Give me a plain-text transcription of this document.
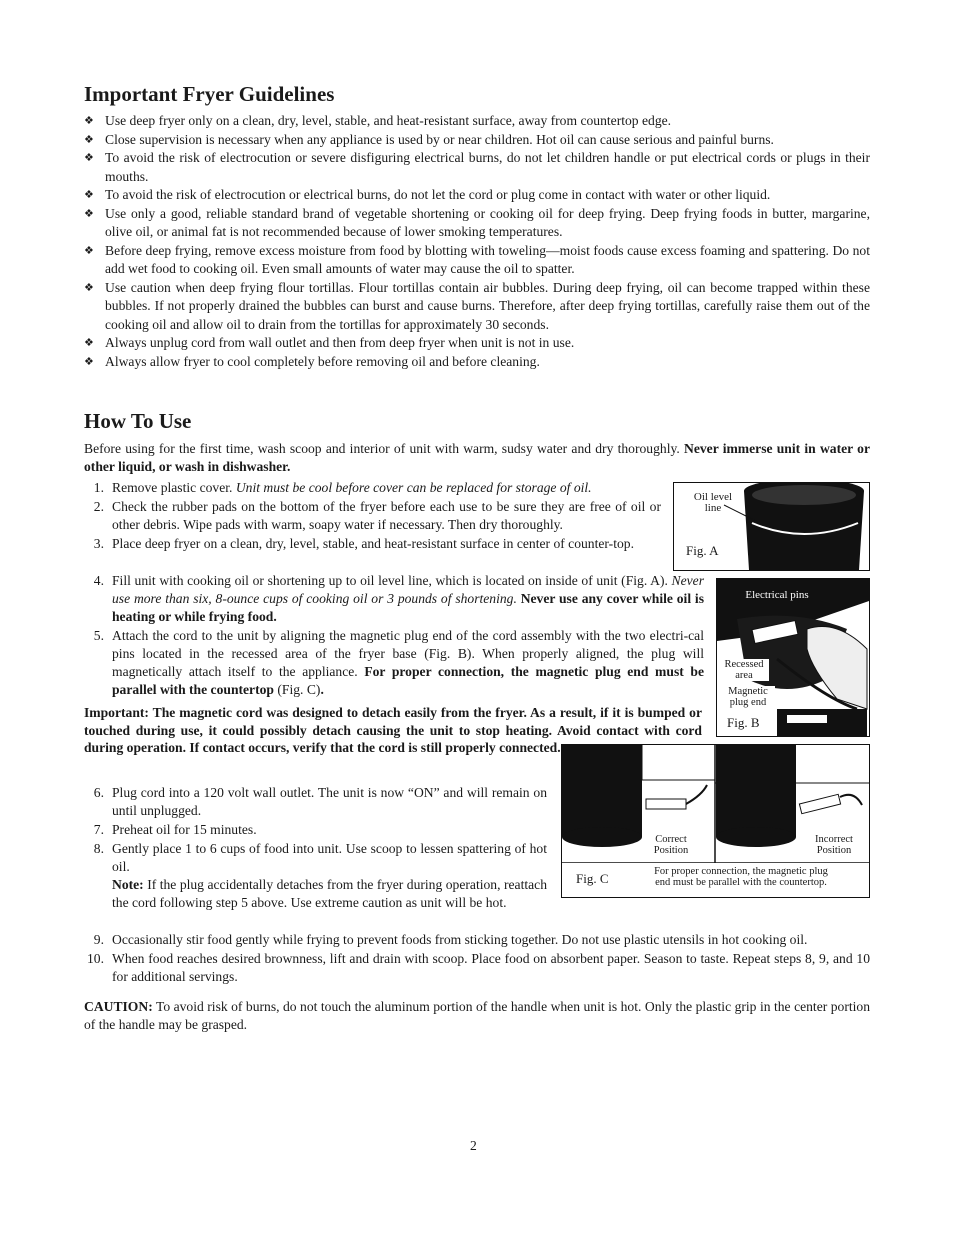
Important Fryer Guidelines
❖ Use deep fryer only on a clean, dry, level, stable, and heat-resistant surface, away from countertop edge.
❖ Close supervision is necessary when any appliance is used by or near children. Hot oil can cause serious and painful burns.
❖ To avoid the risk of electrocution or severe disfiguring electrical burns, do not let children handle or put electrical cords or plugs in their mouths.
❖ To avoid the risk of electrocution or electrical burns, do not let the cord or plug come in contact with water or other liquid.
❖ Use only a good, reliable standard brand of vegetable shortening or cooking oil for deep frying. Deep frying foods in butter, margarine, olive oil, or animal fat is not recommended because of lower smoking temperatures.
❖ Before deep frying, remove excess moisture from food by blotting with toweling—moist foods cause excess foaming and spattering. Do not add wet food to cooking oil. Even small amounts of water may cause the oil to spatter.
❖ Use caution when deep frying flour tortillas. Flour tortillas contain air bubbles. During deep frying, oil can become trapped within these bubbles. If not properly drained the bubbles can burst and cause burns. Therefore, after deep frying tortillas, carefully raise them out of the cooking oil and allow oil to drain from the tortillas for approximately 30 seconds.
❖ Always unplug cord from wall outlet and then from deep fryer when unit is not in use.
❖ Always allow fryer to cool completely before removing oil and before cleaning.
How To Use
Before using for the first time, wash scoop and interior of unit with warm, sudsy water and dry thoroughly. Never immerse unit in water or other liquid, or wash in dishwasher.
1. Remove plastic cover. Unit must be cool before cover can be replaced for storage of oil.
2. Check the rubber pads on the bottom of the fryer before each use to be sure they are free of oil or other debris. Wipe pads with warm, soapy water if necessary. Then dry thoroughly.
3. Place deep fryer on a clean, dry, level, stable, and heat-resistant surface in center of counter-top.
4. Fill unit with cooking oil or shortening up to oil level line, which is located on inside of unit (Fig. A). Never use more than six, 8-ounce cups of cooking oil or 3 pounds of shortening. Never use any cover while oil is heating or while frying food.
5. Attach the cord to the unit by aligning the magnetic plug end of the cord assembly with the two electri-cal pins located in the recessed area of the fryer base (Fig. B). When properly aligned, the plug will magnetically attach itself to the appliance. For proper connection, the magnetic plug end must be parallel with the countertop (Fig. C).
Important: The magnetic cord was designed to detach easily from the fryer. As a result, if it is bumped or touched during use, it could possibly detach causing the unit to stop heating. Avoid contact with cord during operation. If contact occurs, verify that the cord is still properly connected.
6. Plug cord into a 120 volt wall outlet. The unit is now “ON” and will remain on until unplugged.
7. Preheat oil for 15 minutes.
8. Gently place 1 to 6 cups of food into unit. Use scoop to lessen spattering of hot oil.
Note: If the plug accidentally detaches from the fryer during operation, reattach the cord following step 5 above. Use extreme caution as unit will be hot.
9. Occasionally stir food gently while frying to prevent foods from sticking together. Do not use plastic utensils in hot cooking oil.
10. When food reaches desired brownness, lift and drain with scoop. Place food on absorbent paper. Season to taste. Repeat steps 8, 9, and 10 for additional servings.
CAUTION: To avoid risk of burns, do not touch the aluminum portion of the handle when unit is hot. Only the plastic grip in the center portion of the handle may be grasped.
Oil level
line
Fig. A
Electrical pins
Recessed
area
Magnetic
plug end
Fig. B
Correct
Position
Incorrect
Position
Fig. C	For proper connection, the magnetic plug
end must be parallel with the countertop.
2
